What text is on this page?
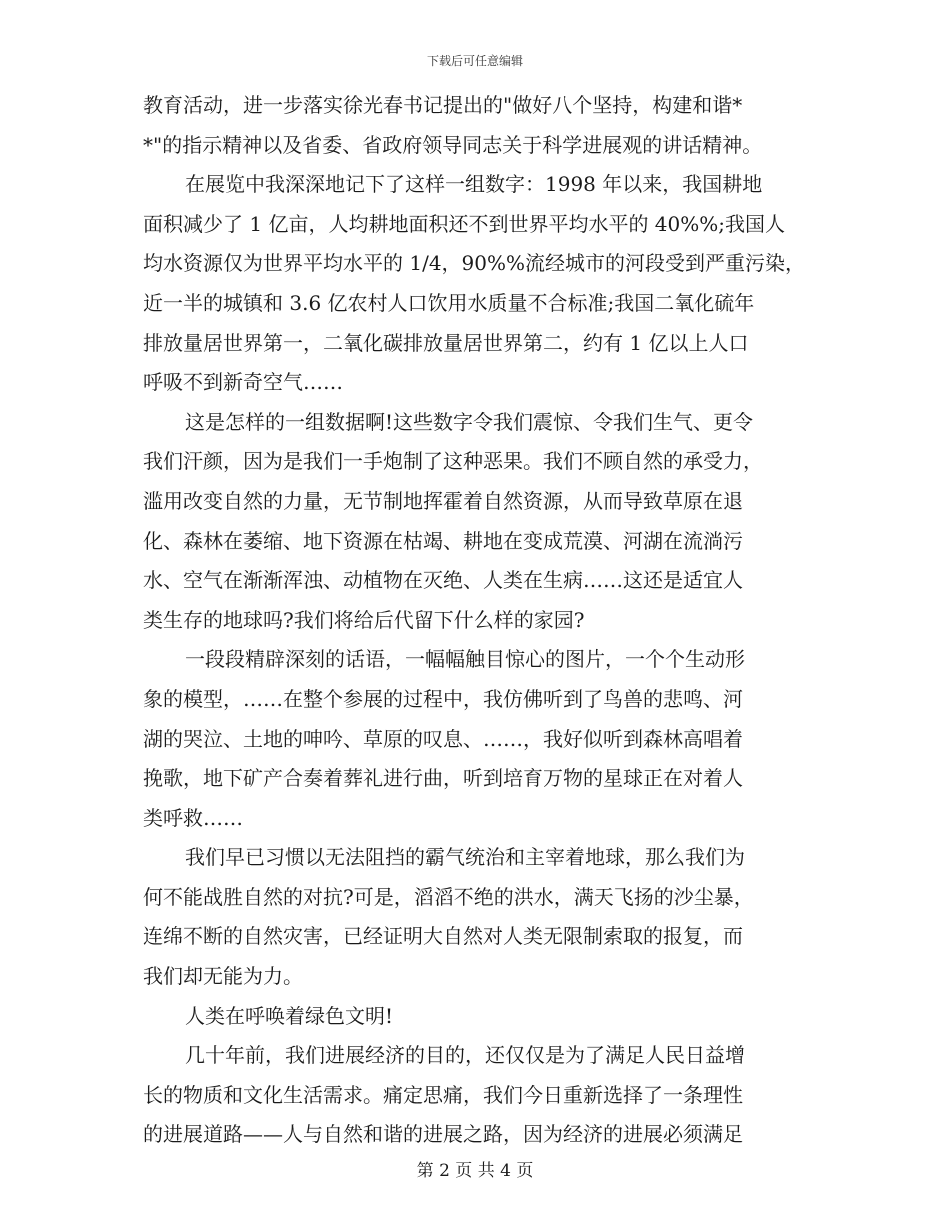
下载后可任意编辑
教育活动，进一步落实徐光春书记提出的"做好八个坚持，构建和谐*
*"的指示精神以及省委、省政府领导同志关于科学进展观的讲话精神。
在展览中我深深地记下了这样一组数字：1998 年以来，我国耕地
面积减少了 1 亿亩，人均耕地面积还不到世界平均水平的 40%%;我国人
均水资源仅为世界平均水平的 1/4，90%%流经城市的河段受到严重污染，
近一半的城镇和 3.6 亿农村人口饮用水质量不合标准;我国二氧化硫年
排放量居世界第一，二氧化碳排放量居世界第二，约有 1 亿以上人口
呼吸不到新奇空气……
这是怎样的一组数据啊!这些数字令我们震惊、令我们生气、更令
我们汗颜，因为是我们一手炮制了这种恶果。我们不顾自然的承受力，
滥用改变自然的力量，无节制地挥霍着自然资源，从而导致草原在退
化、森林在萎缩、地下资源在枯竭、耕地在变成荒漠、河湖在流淌污
水、空气在渐渐浑浊、动植物在灭绝、人类在生病……这还是适宜人
类生存的地球吗?我们将给后代留下什么样的家园?
一段段精辟深刻的话语，一幅幅触目惊心的图片，一个个生动形
象的模型，……在整个参展的过程中，我仿佛听到了鸟兽的悲鸣、河
湖的哭泣、土地的呻吟、草原的叹息、……，我好似听到森林高唱着
挽歌，地下矿产合奏着葬礼进行曲，听到培育万物的星球正在对着人
类呼救……
我们早已习惯以无法阻挡的霸气统治和主宰着地球，那么我们为
何不能战胜自然的对抗?可是，滔滔不绝的洪水，满天飞扬的沙尘暴，
连绵不断的自然灾害，已经证明大自然对人类无限制索取的报复，而
我们却无能为力。
人类在呼唤着绿色文明!
几十年前，我们进展经济的目的，还仅仅是为了满足人民日益增
长的物质和文化生活需求。痛定思痛，我们今日重新选择了一条理性
的进展道路——人与自然和谐的进展之路，因为经济的进展必须满足
第 2 页 共 4 页
